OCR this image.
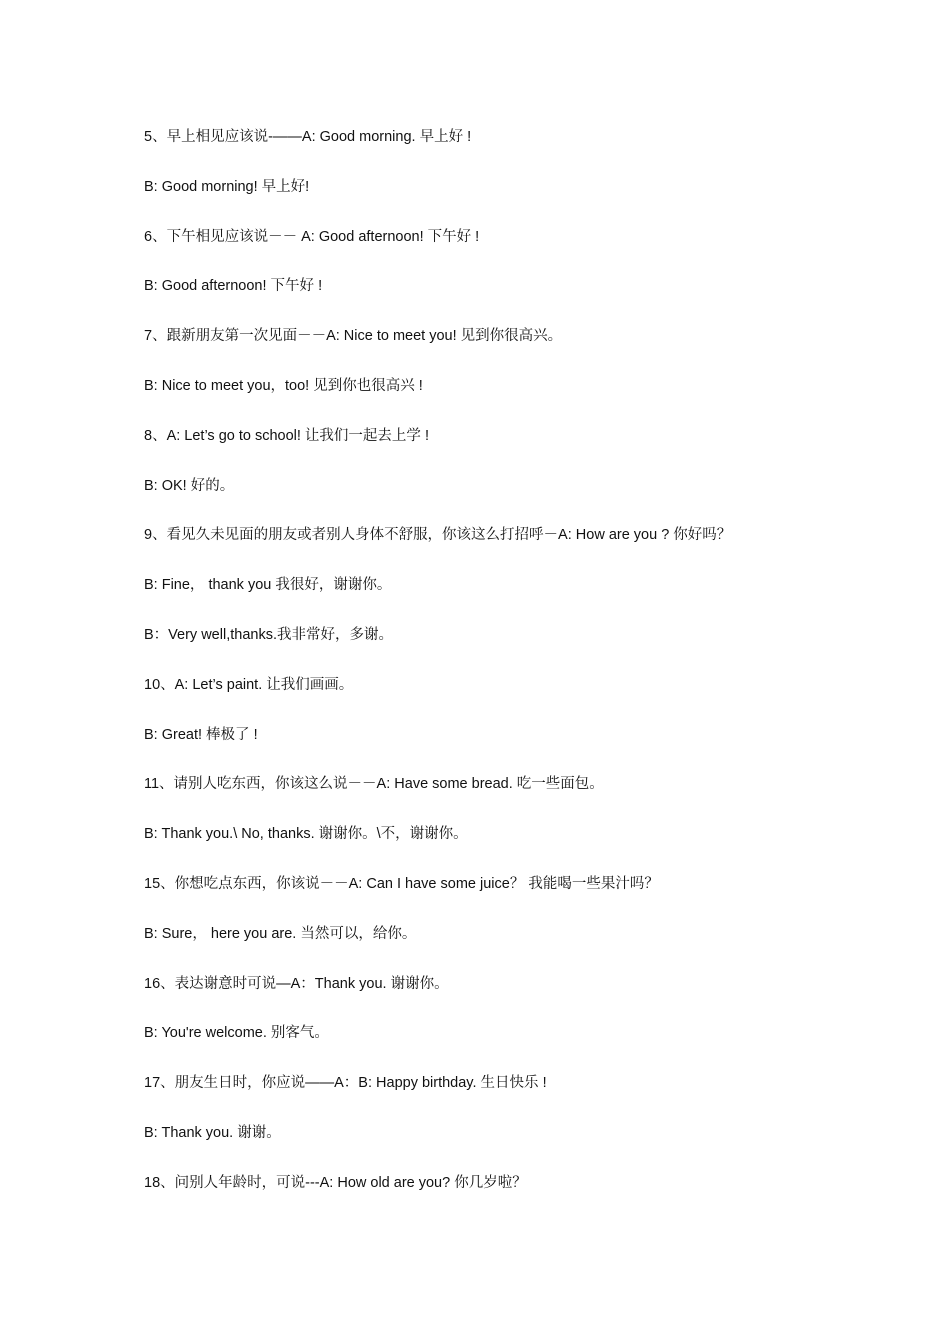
5、早上相见应该说-——A: Good morning. 早上好 !
B: Good morning! 早上好!
6、下午相见应该说－－ A: Good afternoon! 下午好 !
B: Good afternoon! 下午好 !
7、跟新朋友第一次见面－－A: Nice to meet you! 见到你很高兴。
B: Nice to meet you，too! 见到你也很高兴 !
8、A: Let’s go to school! 让我们一起去上学 !
B: OK! 好的。
9、看见久未见面的朋友或者别人身体不舒服，你该这么打招呼－A: How are you ? 你好吗？
B: Fine， thank you 我很好，谢谢你。
B：Very well,thanks.我非常好，多谢。
10、A: Let’s paint. 让我们画画。
B: Great! 棒极了 !
11、请别人吃东西，你该这么说－－A: Have some bread. 吃一些面包。
B: Thank you.\ No, thanks. 谢谢你。\不，谢谢你。
15、你想吃点东西，你该说－－A: Can I have some juice？ 我能喝一些果汁吗？
B: Sure， here you are. 当然可以，给你。
16、表达谢意时可说—A：Thank you. 谢谢你。
B: You're welcome. 别客气。
17、朋友生日时，你应说——A：B: Happy birthday. 生日快乐 !
B: Thank you. 谢谢。
18、问别人年龄时，可说---A: How old are you? 你几岁啦？
